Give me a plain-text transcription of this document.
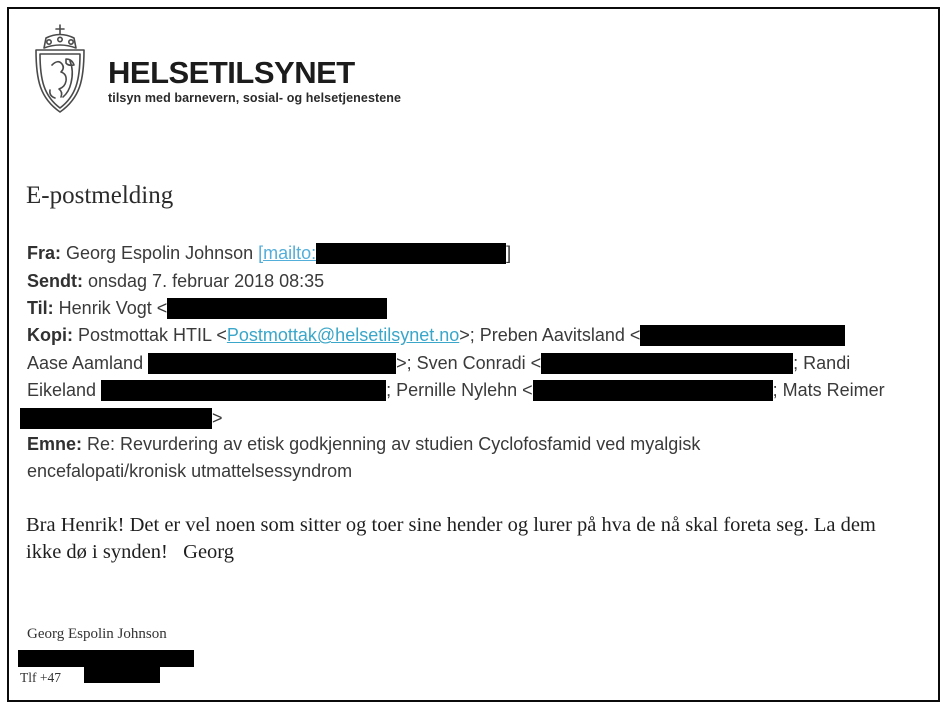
HELSETILSYNET
tilsyn med barnevern, sosial- og helsetjenestene
E-postmelding
Fra: Georg Espolin Johnson [mailto:	]
Sendt: onsdag 7. februar 2018 08:35
Til: Henrik Vogt <
Kopi: Postmottak HTIL < Postmottak@helsetilsynet.no >; Preben Aavitsland <
Aase Aamland	>; Sven Conradi <	; Randi
Eikeland	; Pernille Nylehn <	; Mats Reimer
>

Emne: Re: Revurdering av etisk godkjenning av studien Cyclofosfamid ved myalgisk encefalopati/kronisk utmattelsessyndrom

Bra Henrik! Det er vel noen som sitter og toer sine hender og lurer på hva de nå skal foreta seg. La dem ikke dø i synden!   Georg

Georg Espolin Johnson
Tlf +47
